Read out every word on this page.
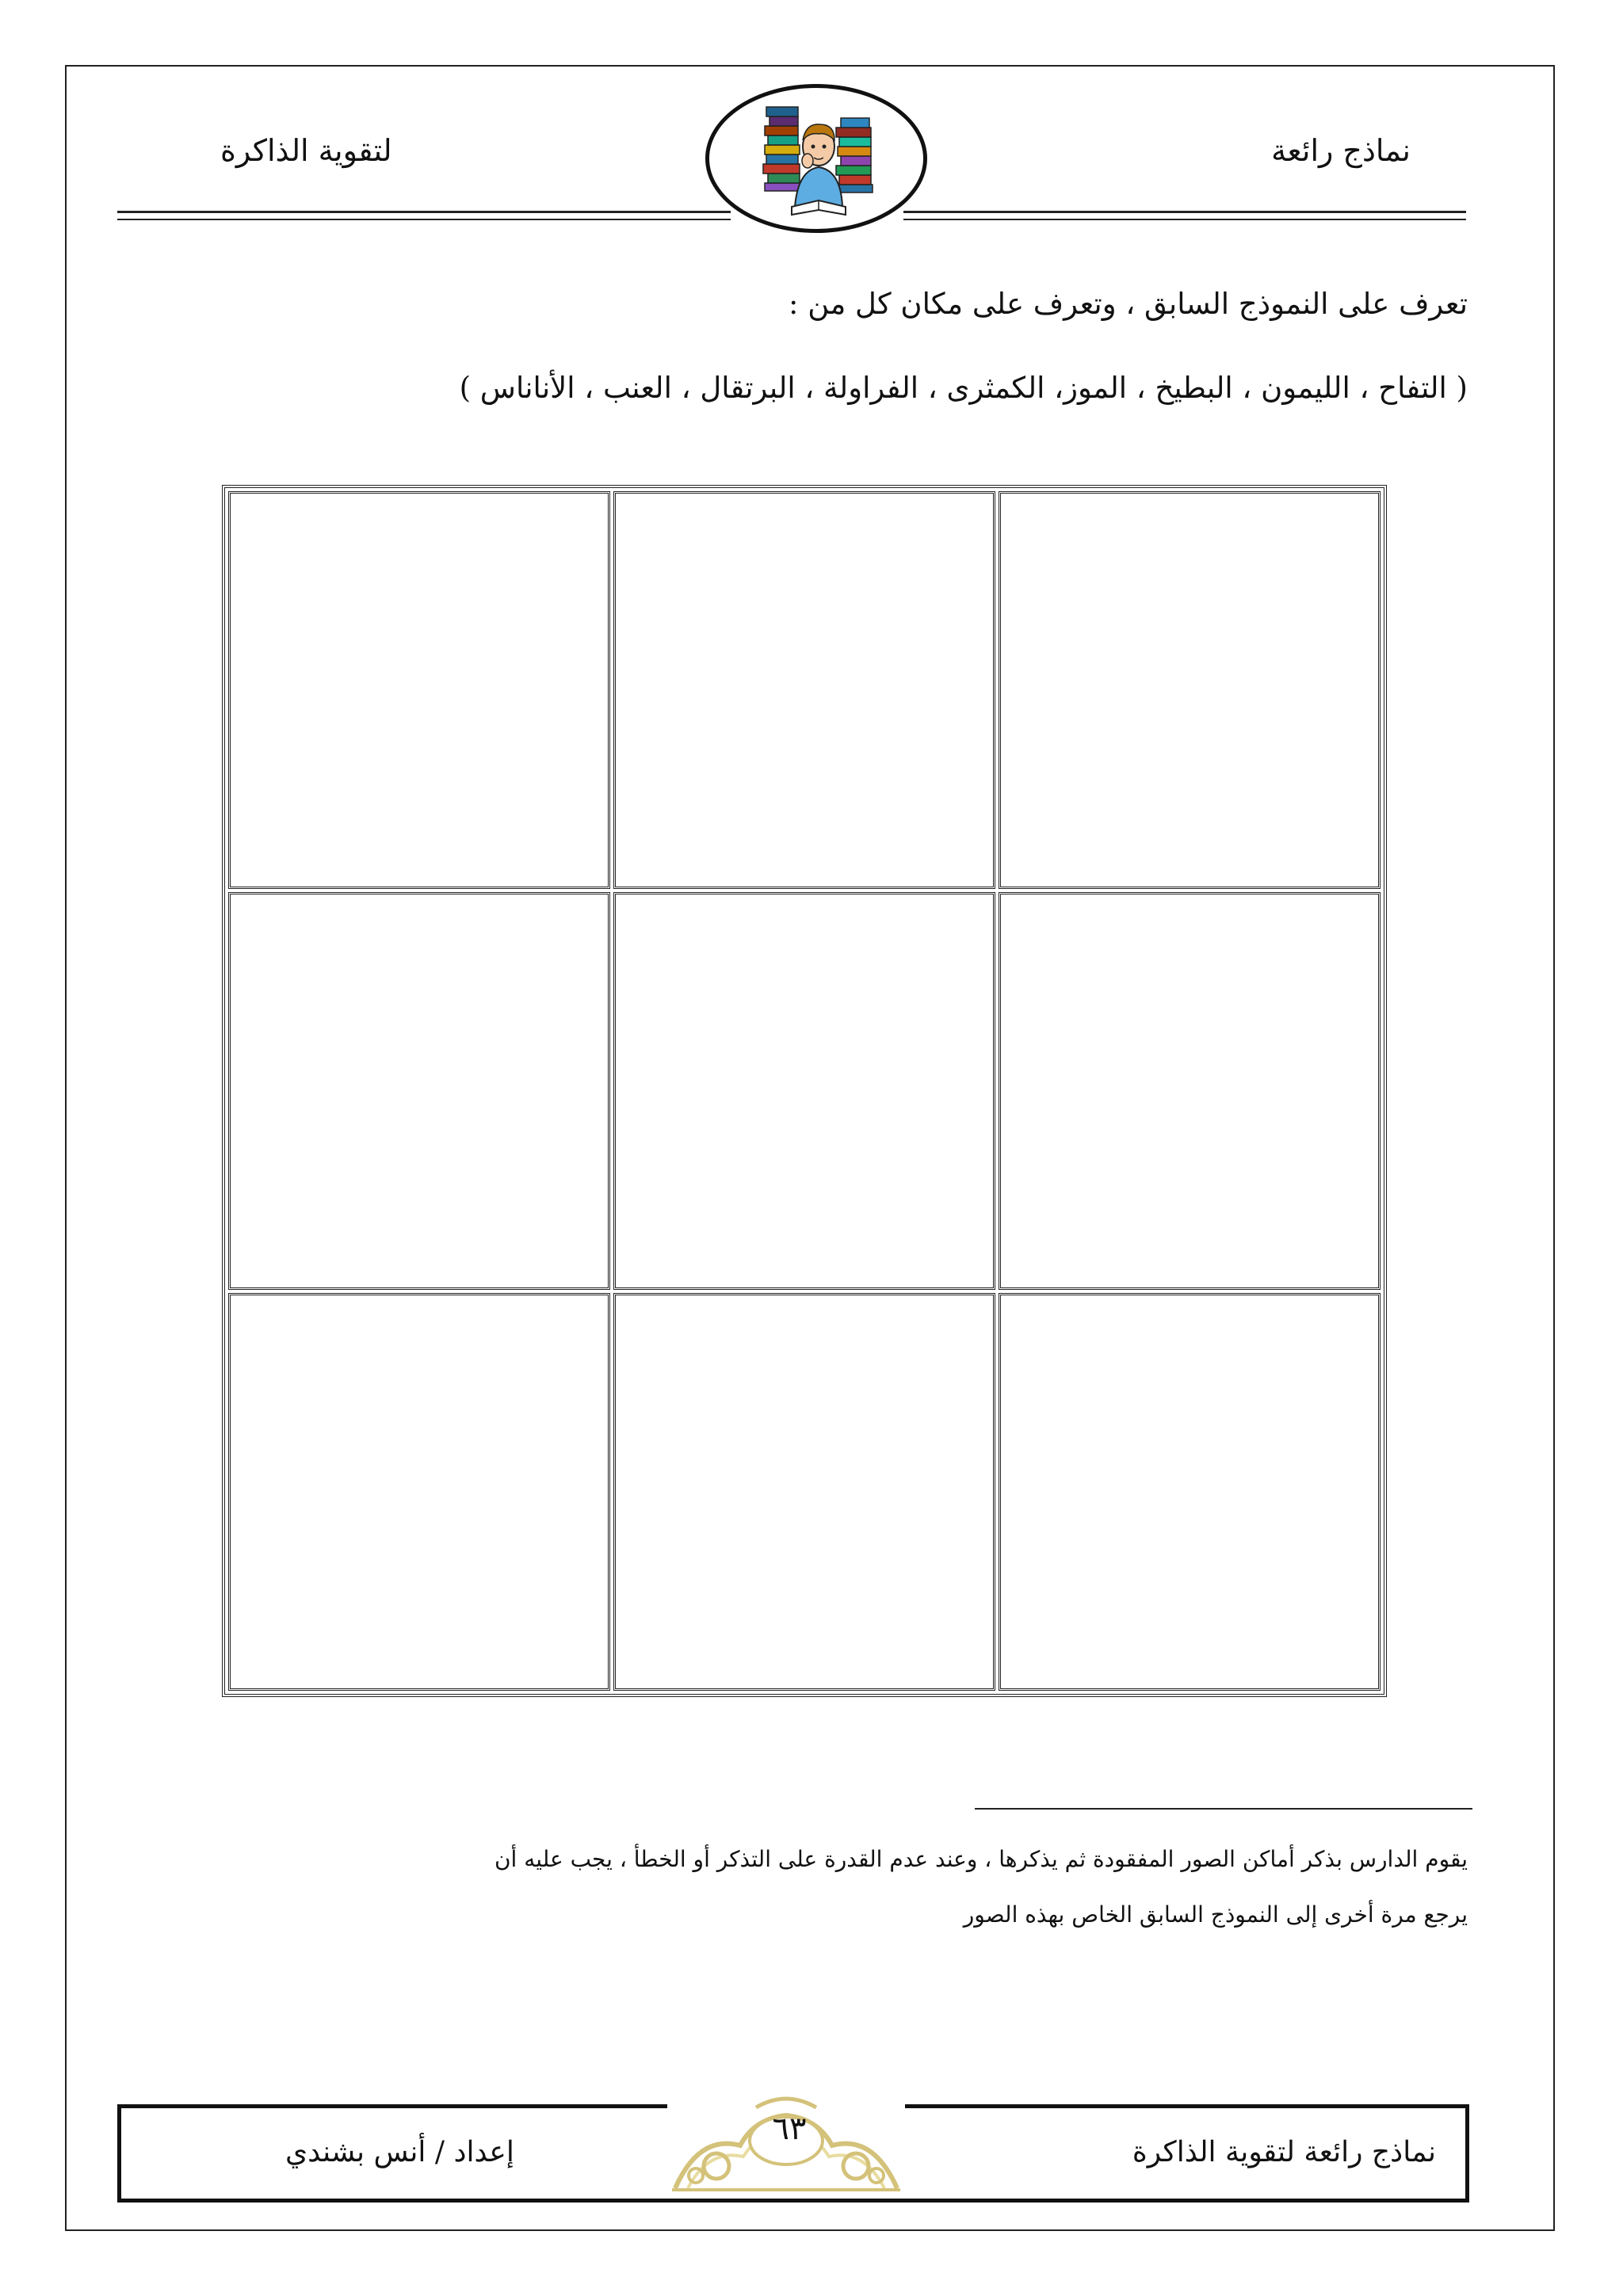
لتقوية الذاكرة	نماذج رائعة
تعرف على النموذج السابق ، وتعرف على مكان كل من :
( التفاح ، الليمون ، البطيخ ، الموز، الكمثرى ، الفراولة ، البرتقال ، العنب ، الأناناس )
يقوم الدارس بذكر أماكن الصور المفقودة ثم يذكرها ، وعند عدم القدرة على التذكر أو الخطأ ، يجب عليه أن
يرجع مرة أخرى إلى النموذج السابق الخاص بهذه الصور
نماذج رائعة لتقوية الذاكرة
إعداد / أنس بشندي
٦٣
